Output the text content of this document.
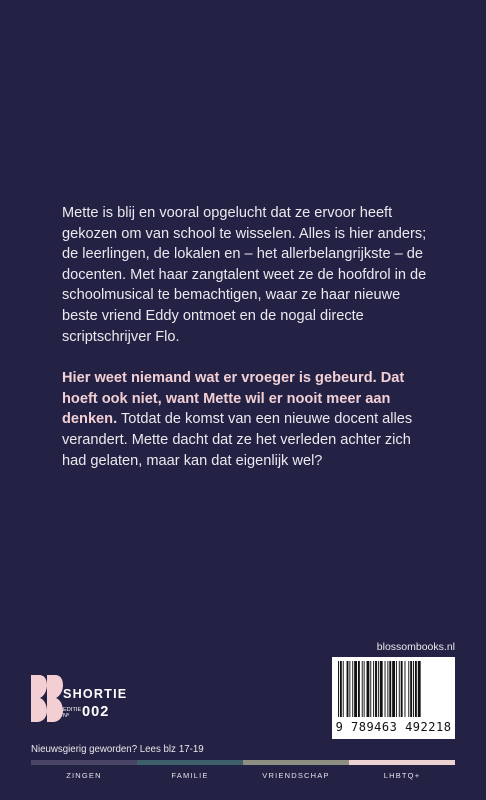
Mette is blij en vooral opgelucht dat ze ervoor heeft gekozen om van school te wisselen. Alles is hier anders; de leerlingen, de lokalen en – het allerbelangrijkste – de docenten. Met haar zangtalent weet ze de hoofdrol in de schoolmusical te bemachtigen, waar ze haar nieuwe beste vriend Eddy ontmoet en de nogal directe scriptschrijver Flo.

Hier weet niemand wat er vroeger is gebeurd. Dat hoeft ook niet, want Mette wil er nooit meer aan denken. Totdat de komst van een nieuwe docent alles verandert. Mette dacht dat ze het verleden achter zich had gelaten, maar kan dat eigenlijk wel?

blossombooks.nl
9 789463 492218
SHORTIE
EDITIE Nº 002
Nieuwsgierig geworden? Lees blz 17-19
ZINGEN	FAMILIE	VRIENDSCHAP	LHBTQ+
